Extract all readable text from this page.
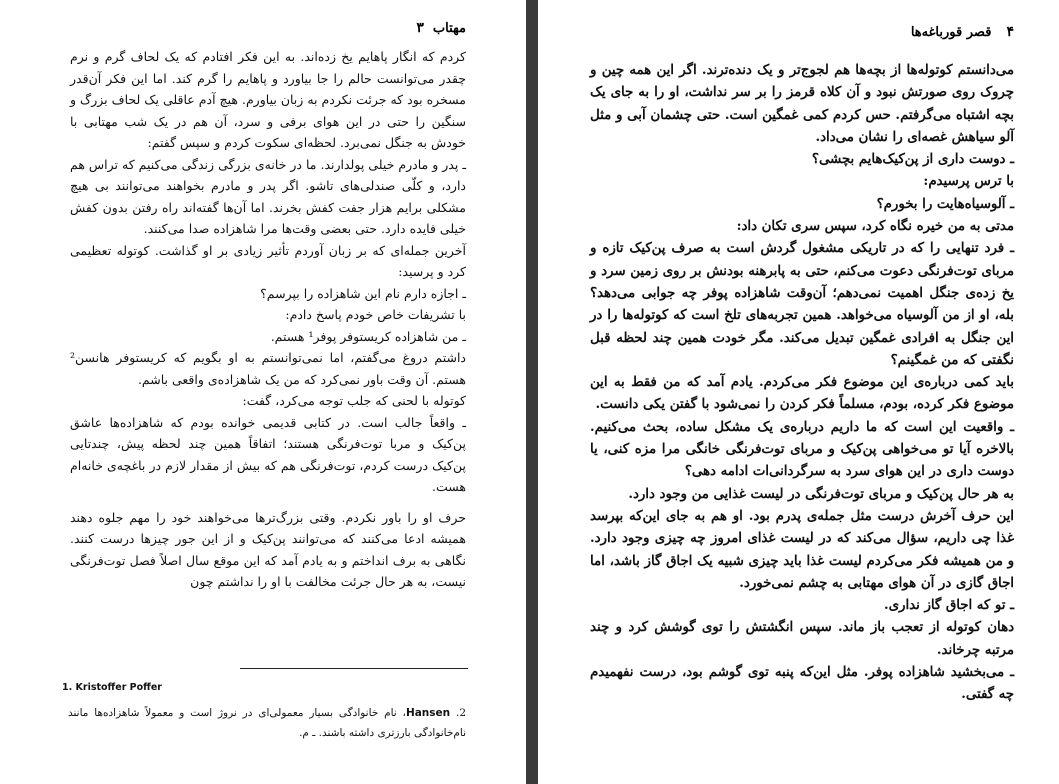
مهتاب  ۳

کردم که انگار پاهایم یخ زده‌اند. به این فکر افتادم که یک لحاف گرم و نرم چقدر می‌توانست حالم را جا بیاورد و پاهایم را گرم کند. اما این فکر آن‌قدر مسخره بود که جرئت نکردم به زبان بیاورم. هیچ آدم عاقلی یک لحاف بزرگ و سنگین را حتی در این هوای برفی و سرد، آن هم در یک شب مهتابی با خودش به جنگل نمی‌برد. لحظه‌ای سکوت کردم و سپس گفتم:

ـ پدر و مادرم خیلی پولدارند. ما در خانه‌ی بزرگی زندگی می‌کنیم که تراس هم دارد، و کلّی صندلی‌های تاشو. اگر پدر و مادرم بخواهند می‌توانند بی هیچ مشکلی برایم هزار جفت کفش بخرند. اما آن‌ها گفته‌اند راه رفتن بدون کفش خیلی فایده دارد. حتی بعضی وقت‌ها مرا شاهزاده صدا می‌کنند.

آخرین جمله‌ای که بر زبان آوردم تأثیر زیادی بر او گذاشت. کوتوله تعظیمی کرد و پرسید:

ـ اجازه دارم نام این شاهزاده را بپرسم؟

با تشریفات خاص خودم پاسخ دادم:

ـ من شاهزاده کریستوفر پوفر¹ هستم.

داشتم دروغ می‌گفتم، اما نمی‌توانستم به او بگویم که کریستوفر هانسن² هستم. آن وقت باور نمی‌کرد که من یک شاهزاده‌ی واقعی باشم.

کوتوله با لحنی که جلب توجه می‌کرد، گفت:

ـ واقعاً جالب است. در کتابی قدیمی خوانده بودم که شاهزاده‌ها عاشق پن‌کیک و مربا توت‌فرنگی هستند؛ اتفاقاً همین چند لحظه پیش، چندتایی پن‌کیک درست کردم، توت‌فرنگی هم که بیش از مقدار لازم در باغچه‌ی خانه‌ام هست.

حرف او را باور نکردم. وقتی بزرگ‌ترها می‌خواهند خود را مهم جلوه دهند همیشه ادعا می‌کنند که می‌توانند پن‌کیک و از این جور چیزها درست کنند. نگاهی به برف انداختم و به یادم آمد که این موقع سال اصلاً فصل توت‌فرنگی نیست، به هر حال جرئت مخالفت با او را نداشتم چون

1. Kristoffer Poffer

2. Hansen، نام خانوادگی بسیار معمولی‌ای در نروژ است و معمولاً شاهزاده‌ها مانند نام‌خانوادگی بارزتری داشته باشند. ـ م.

۴  قصر قورباغه‌ها

می‌دانستم کوتوله‌ها از بچه‌ها هم لجوج‌تر و یک دنده‌ترند. اگر این همه چین و چروک روی صورتش نبود و آن کلاه قرمز را بر سر نداشت، او را به جای یک بچه اشتباه می‌گرفتم. حس کردم کمی غمگین است. حتی چشمان آبی و مثل آلو سیاهش غصه‌ای را نشان می‌داد.

ـ دوست داری از پن‌کیک‌هایم بچشی؟

با ترس پرسیدم:

ـ آلوسیاه‌هایت را بخورم؟

مدتی به من خیره نگاه کرد، سپس سری تکان داد:

ـ فرد تنهایی را که در تاریکی مشغول گردش است به صرف پن‌کیک تازه و مربای توت‌فرنگی دعوت می‌کنم، حتی به پابرهنه بودنش بر روی زمین سرد و یخ زده‌ی جنگل اهمیت نمی‌دهم؛ آن‌وقت شاهزاده پوفر چه جوابی می‌دهد؟ بله، او از من آلوسیاه می‌خواهد. همین تجربه‌های تلخ است که کوتوله‌ها را در این جنگل به افرادی غمگین تبدیل می‌کند. مگر خودت همین چند لحظه قبل نگفتی که من غمگینم؟

باید کمی درباره‌ی این موضوع فکر می‌کردم. یادم آمد که من فقط به این موضوع فکر کرده، بودم، مسلماً فکر کردن را نمی‌شود با گفتن یکی دانست.

ـ واقعیت این است که ما داریم درباره‌ی یک مشکل ساده، بحث می‌کنیم. بالاخره آیا تو می‌خواهی پن‌کیک و مربای توت‌فرنگی خانگی مرا مزه کنی، یا دوست داری در این هوای سرد به سرگردانی‌ات ادامه دهی؟

به هر حال پن‌کیک و مربای توت‌فرنگی در لیست غذایی من وجود دارد.

این حرف آخرش درست مثل جمله‌ی پدرم بود. او هم به جای این‌که بپرسد غذا چی داریم، سؤال می‌کند که در لیست غذای امروز چه چیزی وجود دارد. و من همیشه فکر می‌کردم لیست غذا باید چیزی شبیه یک اجاق گاز باشد، اما اجاق گازی در آن هوای مهتابی به چشم نمی‌خورد.

ـ تو که اجاق گاز نداری.

دهان کوتوله از تعجب باز ماند. سپس انگشتش را توی گوشش کرد و چند مرتبه چرخاند.

ـ می‌بخشید شاهزاده پوفر. مثل این‌که پنبه توی گوشم بود، درست نفهمیدم چه گفتی.
